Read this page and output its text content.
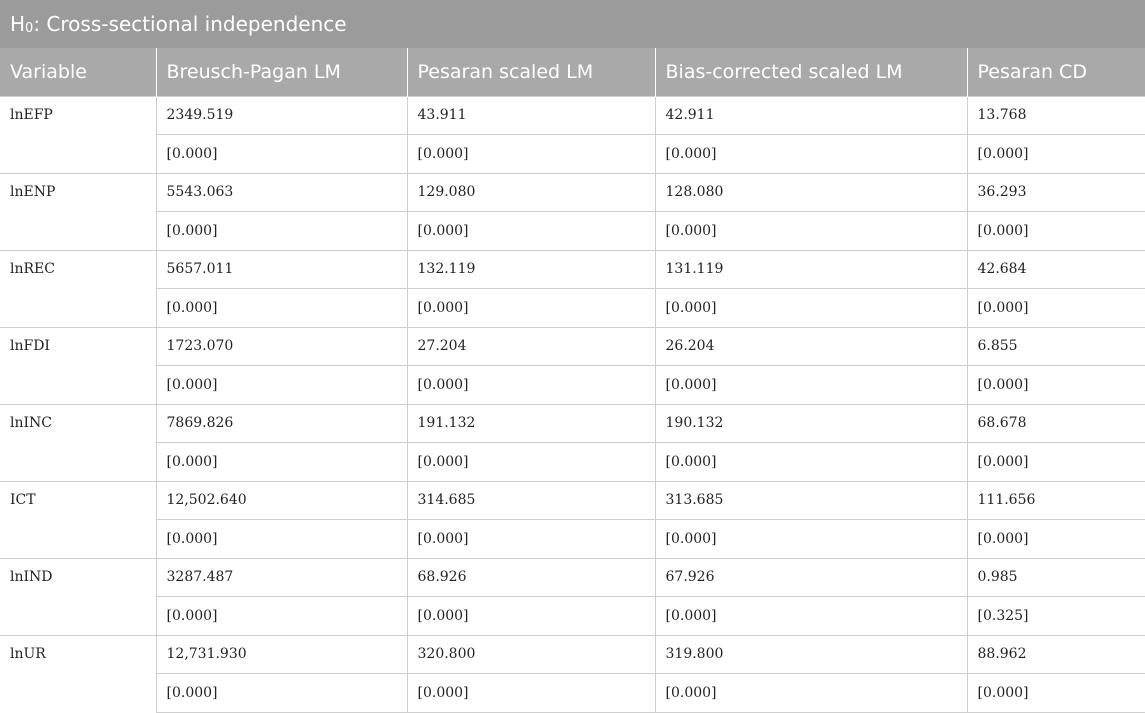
$H_0$ : Cross-sectional independence
Variable	Breusch-Pagan LM	Pesaran scaled LM	Bias-corrected scaled LM	Pesaran CD
lnEFP	2349.519	43.911	42.911	13.768
	[0.000]	[0.000]	[0.000]	[0.000]
lnENP	5543.063	129.080	128.080	36.293
	[0.000]	[0.000]	[0.000]	[0.000]
lnREC	5657.011	132.119	131.119	42.684
	[0.000]	[0.000]	[0.000]	[0.000]
lnFDI	1723.070	27.204	26.204	6.855
	[0.000]	[0.000]	[0.000]	[0.000]
lnINC	7869.826	191.132	190.132	68.678
	[0.000]	[0.000]	[0.000]	[0.000]
ICT	12,502.640	314.685	313.685	111.656
	[0.000]	[0.000]	[0.000]	[0.000]
lnIND	3287.487	68.926	67.926	0.985
	[0.000]	[0.000]	[0.000]	[0.325]
lnUR	12,731.930	320.800	319.800	88.962
	[0.000]	[0.000]	[0.000]	[0.000]
